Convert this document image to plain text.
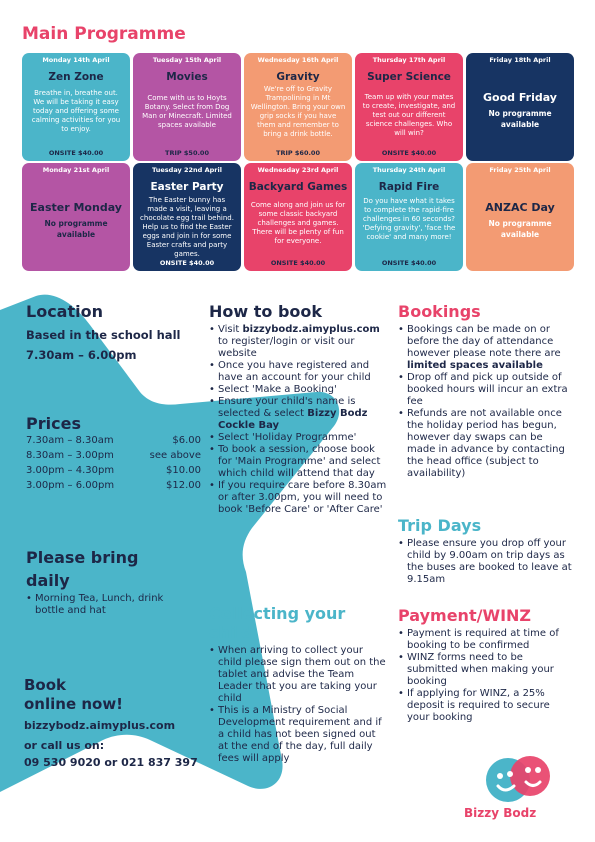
Main Programme
Monday 14th April
Zen Zone
Breathe in, breathe out. We will be taking it easy today and offering some calming activities for you to enjoy.
ONSITE $40.00
Tuesday 15th April
Movies
Come with us to Hoyts Botany. Select from Dog Man or Minecraft. Limited spaces available
TRIP $50.00
Wednesday 16th April
Gravity
We're off to Gravity Trampolining in Mt Wellington. Bring your own grip socks if you have them and remember to bring a drink bottle.
TRIP $60.00
Thursday 17th April
Super Science
Team up with your mates to create, investigate, and test out our different science challenges. Who will win?
ONSITE $40.00
Friday 18th April
Good Friday
No programme available
Monday 21st April
Easter Monday
No programme available
Tuesday 22nd April
Easter Party
The Easter bunny has made a visit, leaving a chocolate egg trail behind. Help us to find the Easter eggs and join in for some Easter crafts and party games.
ONSITE $40.00
Wednesday 23rd April
Backyard Games
Come along and join us for some classic backyard challenges and games. There will be plenty of fun for everyone.
ONSITE $40.00
Thursday 24th April
Rapid Fire
Do you have what it takes to complete the rapid-fire challenges in 60 seconds? 'Defying gravity', 'face the cookie' and many more!
ONSITE $40.00
Friday 25th April
ANZAC Day
No programme available
Location
Based in the school hall
7.30am – 6.00pm
Prices
7.30am – 8.30am	$6.00
8.30am – 3.00pm	see above
3.00pm – 4.30pm	$10.00
3.00pm – 6.00pm	$12.00
Please bring
daily
• Morning Tea, Lunch, drink bottle and hat
Book
online now!
bizzybodz.aimyplus.com
or call us on:
09 530 9020 or 021 837 397
How to book
• Visit bizzybodz.aimyplus.com to register/login or visit our website
• Once you have registered and have an account for your child
• Select 'Make a Booking'
• Ensure your child's name is selected & select Bizzy Bodz Cockle Bay
• Select 'Holiday Programme'
• To book a session, choose book for 'Main Programme' and select which child will attend that day
• If you require care before 8.30am or after 3.00pm, you will need to book 'Before Care' or 'After Care'
Collecting your
child
• When arriving to collect your child please sign them out on the tablet and advise the Team Leader that you are taking your child
• This is a Ministry of Social Development requirement and if a child has not been signed out at the end of the day, full daily fees will apply
Bookings
• Bookings can be made on or before the day of attendance however please note there are limited spaces available
• Drop off and pick up outside of booked hours will incur an extra fee
• Refunds are not available once the holiday period has begun, however day swaps can be made in advance by contacting the head office (subject to availability)
Trip Days
• Please ensure you drop off your child by 9.00am on trip days as the buses are booked to leave at 9.15am
Payment/WINZ
• Payment is required at time of booking to be confirmed
• WINZ forms need to be submitted when making your booking
• If applying for WINZ, a 25% deposit is required to secure your booking
Bizzy Bodz
